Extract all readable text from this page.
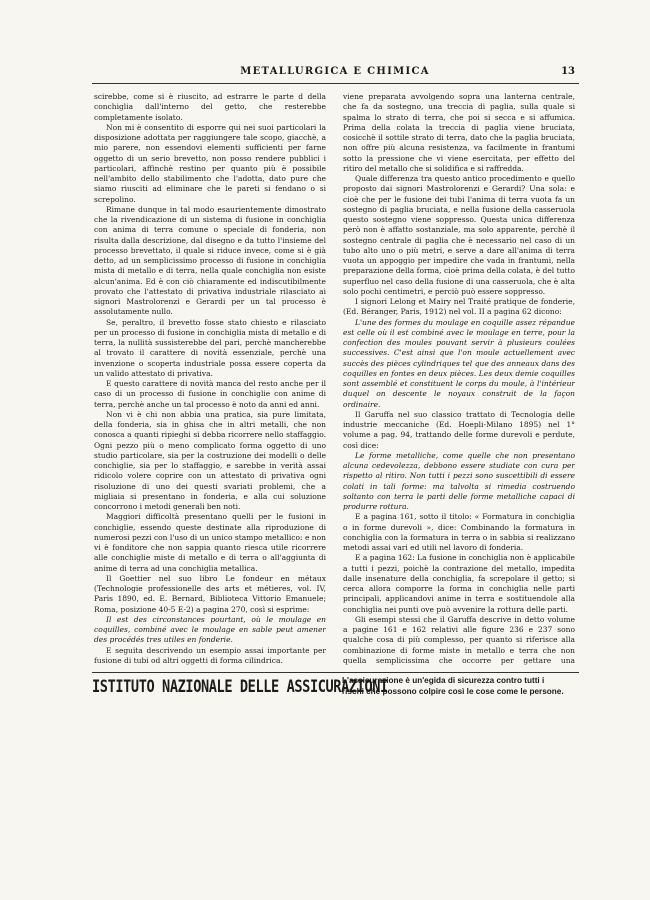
METALLURGICA E CHIMICA	13

scirebbe, come si è riuscito, ad estrarre le parte d della conchiglia dall'interno del getto, che resterebbe completamente isolato.

Non mi è consentito di esporre qui nei suoi particolari la disposizione adottata per raggiungere tale scopo, giacchè, a mio parere, non essendovi elementi sufficienti per farne oggetto di un serio brevetto, non posso rendere pubblici i particolari, affinchè restino per quanto più è possibile nell'ambito dello stabilimento che l'adotta, dato pure che siamo riusciti ad eliminare che le pareti si fendano o si screpolino.

Rimane dunque in tal modo esaurientemente dimostrato che la rivendicazione di un sistema di fusione in conchiglia con anima di terra comune o speciale di fonderia, non risulta dalla descrizione, dal disegno e da tutto l'insieme del processo brevettato, il quale si riduce invece, come si è già detto, ad un semplicissimo processo di fusione in conchiglia mista di metallo e di terra, nella quale conchiglia non esiste alcun'anima. Ed è con ciò chiaramente ed indiscutibilmente provato che l'attestato di privativa industriale rilasciato ai signori Mastrolorenzi e Gerardi per un tal processo è assolutamente nullo.

Se, peraltro, il brevetto fosse stato chiesto e rilasciato per un processo di fusione in conchiglia mista di metallo e di terra, la nullità sussisterebbe del pari, perchè mancherebbe al trovato il carattere di novità essenziale, perchè una invenzione o scoperta industriale possa essere coperta da un valido attestato di privativa.

E questo carattere di novità manca del resto anche per il caso di un processo di fusione in conchiglie con anime di terra, perchè anche un tal processo è noto da anni ed anni.

Non vi è chi non abbia una pratica, sia pure limitata, della fonderia, sia in ghisa che in altri metalli, che non conosca a quanti ripieghi si debba ricorrere nello staffaggio. Ogni pezzo più o meno complicato forma oggetto di uno studio particolare, sia per la costruzione dei modelli o delle conchiglie, sia per lo staffaggio, e sarebbe in verità assai ridicolo volere coprire con un attestato di privativa ogni risoluzione di uno dei questi svariati problemi, che a migliaia si presentano in fonderia, e alla cui soluzione concorrono i metodi generali ben noti.

Maggiori difficoltà presentano quelli per le fusioni in conchiglie, essendo queste destinate alla riproduzione di numerosi pezzi con l'uso di un unico stampo metallico: e non vi è fonditore che non sappia quanto riesca utile ricorrere alle conchiglie miste di metallo e di terra o all'aggiunta di anime di terra ad una conchiglia metallica.

Il Goettier nel suo libro Le fondeur en métaux (Technologie professionelle des arts et métieres, vol. IV, Paris 1890, ed. E. Bernard, Biblioteca Vittorio Emanuele; Roma, posizione 40-5 E-2) a pagina 270, così si esprime:

Il est des circonstances pourtant, où le moulage en coquilles, combiné avec le moulage en sable peut amener des procédés tres utiles en fonderie.

E seguita descrivendo un esempio assai importante per fusione di tubi od altri oggetti di forma cilindrica.

viene preparata avvolgendo sopra una lanterna centrale, che fa da sostegno, una treccia di paglia, sulla quale si spalma lo strato di terra, che poi si secca e si affumica. Prima della colata la treccia di paglia viene bruciata, cosicchè il sottile strato di terra, dato che la paglia bruciata, non offre più alcuna resistenza, va facilmente in frantumi sotto la pressione che vi viene esercitata, per effetto del ritiro del metallo che si solidifica e si raffredda.

Quale differenza tra questo antico procedimento e quello proposto dai signori Mastrolorenzi e Gerardi? Una sola: e cioè che per le fusione dei tubi l'anima di terra vuota fa un sostegno di paglia bruciata, e nella fusione della casseruola questo sostegno viene soppresso. Questa unica differenza però non è affatto sostanziale, ma solo apparente, perchè il sostegno centrale di paglia che è necessario nel caso di un tubo alto uno o più metri, e serve a dare all'anima di terra vuota un appoggio per impedire che vada in frantumi, nella preparazione della forma, cioè prima della colata, è del tutto superfluo nel caso della fusione di una casseruola, che è alta solo pochi centimetri, e perciò può essere soppresso.

I signori Lelong et Mairy nel Traité pratique de fonderie, (Ed. Béranger, Paris, 1912) nel vol. II a pagina 62 dicono:

L'une des formes du moulage en coquille assez répandue est celle où il est combiné avec le moulage en terre, pour la confection des moules pouvant servir à plusieurs coulées successives. C'est ainsi que l'on moule actuellement avec succès des pièces cylindriques tel que des anneaux dans des coquilles en fontes en deux pièces. Les deux demie coquilles sont assemblé et constituent le corps du moule, à l'intérieur duquel on descente le noyaux construit de la façon ordinaire.

Il Garuffa nel suo classico trattato di Tecnologia delle industrie meccaniche (Ed. Hoepli-Milano 1895) nel 1° volume a pag. 94, trattando delle forme durevoli e perdute, così dice:

Le forme metalliche, come quelle che non presentano alcuna cedevolezza, debbono essere studiate con cura per rispetto al ritiro. Non tutti i pezzi sono suscettibili di essere colati in tali forme: ma talvolta si rimedia costruendo soltanto con terra le parti delle forme metalliche capaci di produrre rottura.

E a pagina 161, sotto il titolo: « Formatura in conchiglia o in forme durevoli », dice: Combinando la formatura in conchiglia con la formatura in terra o in sabbia si realizzano metodi assai vari ed utili nel lavoro di fonderia.

E a pagina 162: La fusione in conchiglia non è applicabile a tutti i pezzi, poichè la contrazione del metallo, impedita dalle insenature della conchiglia, fa screpolare il getto; si cerca allora comporre la forma in conchiglia nelle parti principali, applicandovi anime in terra e sostituendole alla conchiglia nei punti ove può avvenire la rottura delle parti.

Gli esempi stessi che il Garuffa descrive in detto volume a pagine 161 e 162 relativi alle figure 236 e 237 sono qualche cosa di più complesso, per quanto si riferisce alla combinazione di forme miste in metallo e terra che non quella semplicissima che occorre per gettare una

ISTITUTO NAZIONALE DELLE ASSICURAZIONI
L'assicurazione è un'egida di sicurezza contro tutti i
rischi che possono colpire così le cose come le persone.
